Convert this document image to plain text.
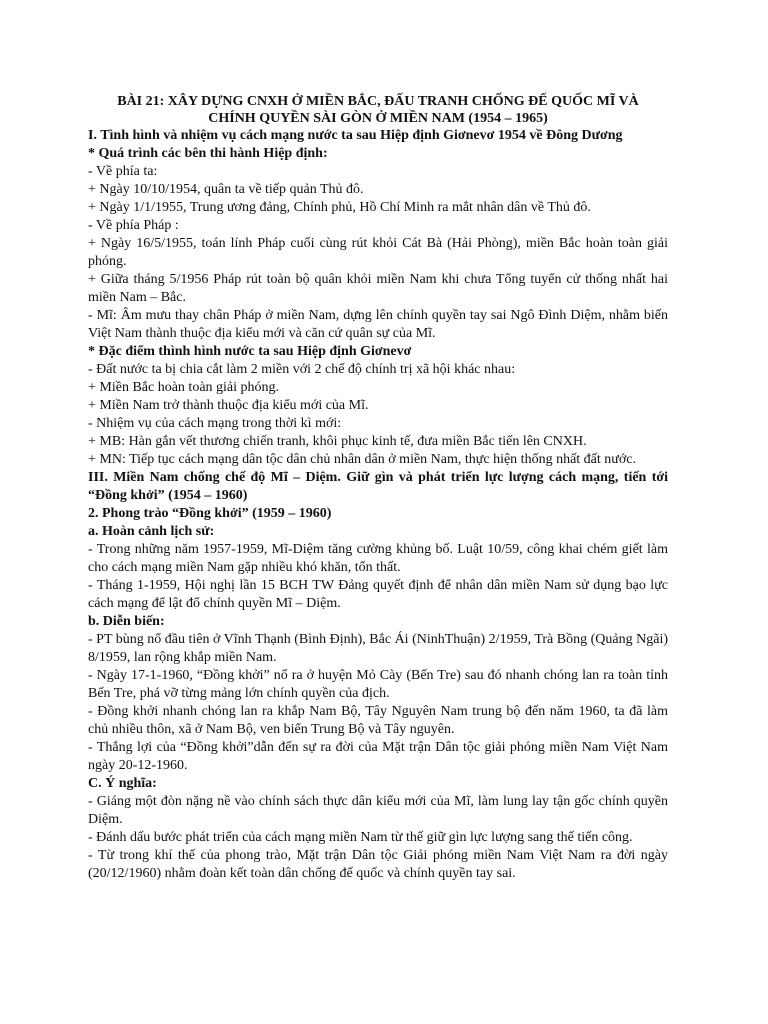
BÀI 21: XÂY DỰNG CNXH Ở MIỀN BẮC, ĐẤU TRANH CHỐNG ĐẾ QUỐC MĨ VÀ

CHÍNH QUYỀN SÀI GÒN Ở MIỀN NAM (1954 – 1965)

I. Tình hình và nhiệm vụ cách mạng nước ta sau Hiệp định Giơnevơ 1954 về Đông Dương

* Quá trình các bên thi hành Hiệp định:

- Về phía ta:

+ Ngày 10/10/1954, quân ta về tiếp quản Thủ đô.

+ Ngày 1/1/1955, Trung ương đảng, Chính phủ, Hồ Chí Minh ra mắt nhân dân về Thủ đô.

- Về phía Pháp :

+ Ngày 16/5/1955, toán lính Pháp cuối cùng rút khỏi Cát Bà (Hải Phòng), miền Bắc hoàn toàn giải phóng.

+ Giữa tháng 5/1956 Pháp rút toàn bộ quân khỏi miền Nam khi chưa Tổng tuyển cử thống nhất hai miền Nam – Bắc.

- Mĩ: Âm mưu thay chân Pháp ở miền Nam, dựng lên chính quyền tay sai Ngô Đình Diệm, nhằm biến Việt Nam thành thuộc địa kiểu mới và căn cứ quân sự của Mĩ.

* Đặc điểm thình hình nước ta sau Hiệp định Giơnevơ

- Đất nước ta bị chia cắt làm 2 miền với 2 chế độ chính trị xã hội khác nhau:

+ Miền Bắc hoàn toàn giải phóng.

+ Miền Nam trở thành thuộc địa kiểu mới của Mĩ.

- Nhiệm vụ của cách mạng trong thời kì mới:

+ MB: Hàn gắn vết thương chiến tranh, khôi phục kinh tế, đưa miền Bắc tiến lên CNXH.

+ MN: Tiếp tục cách mạng dân tộc dân chủ nhân dân ở miền Nam, thực hiện thống nhất đất nước.

III. Miền Nam chống chế độ Mĩ – Diệm. Giữ gìn và phát triển lực lượng cách mạng, tiến tới “Đồng khởi” (1954 – 1960)

2. Phong trào “Đồng khởi” (1959 – 1960)

a. Hoàn cảnh lịch sử:

- Trong những năm 1957-1959, Mĩ-Diệm tăng cường khủng bố. Luật 10/59, công khai chém giết làm cho cách mạng miền Nam gặp nhiều khó khăn, tổn thất.

- Tháng 1-1959, Hội nghị lần 15 BCH TW Đảng quyết định để nhân dân miền Nam sử dụng bạo lực cách mạng để lật đổ chính quyền Mĩ – Diệm.

b. Diễn biến:

- PT bùng nổ đầu tiên ở Vĩnh Thạnh (Bình Định), Bắc Ái (NinhThuận) 2/1959, Trà Bồng (Quảng Ngãi) 8/1959, lan rộng khắp miền Nam.

- Ngày 17-1-1960, “Đồng khởi” nổ ra ở huyện Mỏ Cày (Bến Tre) sau đó nhanh chóng lan ra toàn tỉnh Bến Tre, phá vỡ từng mảng lớn chính quyền của địch.

- Đồng khởi nhanh chóng lan ra khắp Nam Bộ, Tây Nguyên Nam trung bộ đến năm 1960, ta đã làm chủ nhiều thôn, xã ở Nam Bộ, ven biển Trung Bộ và Tây nguyên.

- Thắng lợi của “Đồng khởi”dẫn đến sự ra đời của Mặt trận Dân tộc giải phóng miền Nam Việt Nam ngày 20-12-1960.

C. Ý nghĩa:

- Giáng một đòn nặng nề vào chính sách thực dân kiểu mới của Mĩ, làm lung lay tận gốc chính quyền Diệm.

- Đánh dấu bước phát triển của cách mạng miền Nam từ thế giữ gìn lực lượng sang thế tiến công.

- Từ trong khí thế của phong trào, Mặt trận Dân tộc Giải phóng miền Nam Việt Nam ra đời ngày (20/12/1960) nhằm đoàn kết toàn dân chống đế quốc và chính quyền tay sai.
